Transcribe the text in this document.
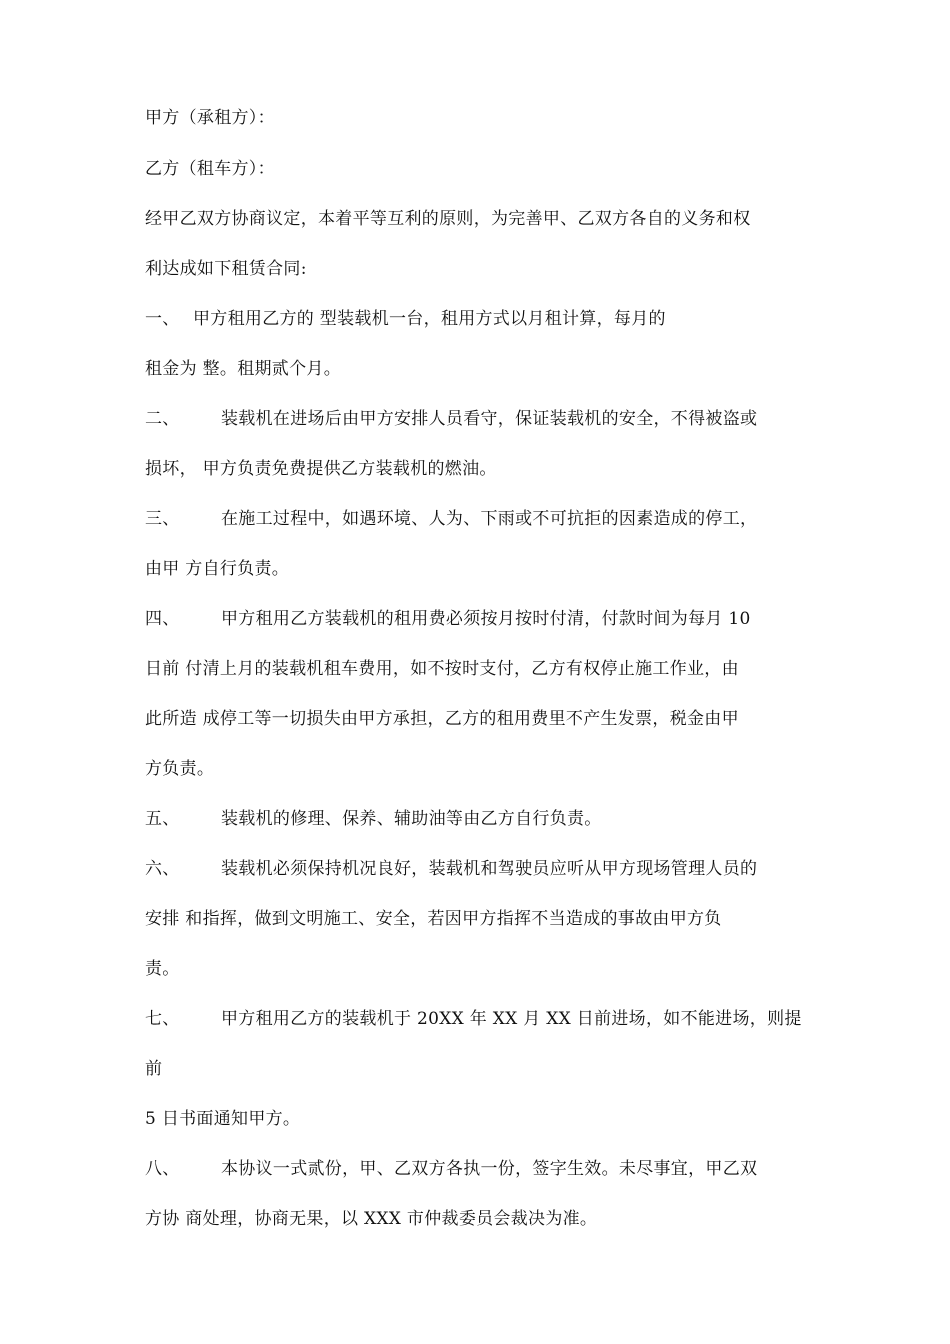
甲方（承租方）：
乙方（租车方）：
经甲乙双方协商议定，本着平等互利的原则，为完善甲、乙双方各自的义务和权
利达成如下租赁合同:
一、 甲方租用乙方的 型装载机一台，租用方式以月租计算，每月的
租金为 整。租期贰个月。
二、 装载机在进场后由甲方安排人员看守，保证装载机的安全，不得被盗或
损坏， 甲方负责免费提供乙方装载机的燃油。
三、 在施工过程中，如遇环境、人为、下雨或不可抗拒的因素造成的停工，
由甲 方自行负责。
四、 甲方租用乙方装载机的租用费必须按月按时付清，付款时间为每月 10
日前 付清上月的装载机租车费用，如不按时支付，乙方有权停止施工作业，由
此所造 成停工等一切损失由甲方承担，乙方的租用费里不产生发票，税金由甲
方负责。
五、 装载机的修理、保养、辅助油等由乙方自行负责。
六、 装载机必须保持机况良好，装载机和驾驶员应听从甲方现场管理人员的
安排 和指挥，做到文明施工、安全，若因甲方指挥不当造成的事故由甲方负
责。
七、 甲方租用乙方的装载机于 20XX 年 XX 月 XX 日前进场，如不能进场，则提
前
5 日书面通知甲方。
八、 本协议一式贰份，甲、乙双方各执一份，签字生效。未尽事宜，甲乙双
方协 商处理，协商无果，以 XXX 市仲裁委员会裁决为准。
